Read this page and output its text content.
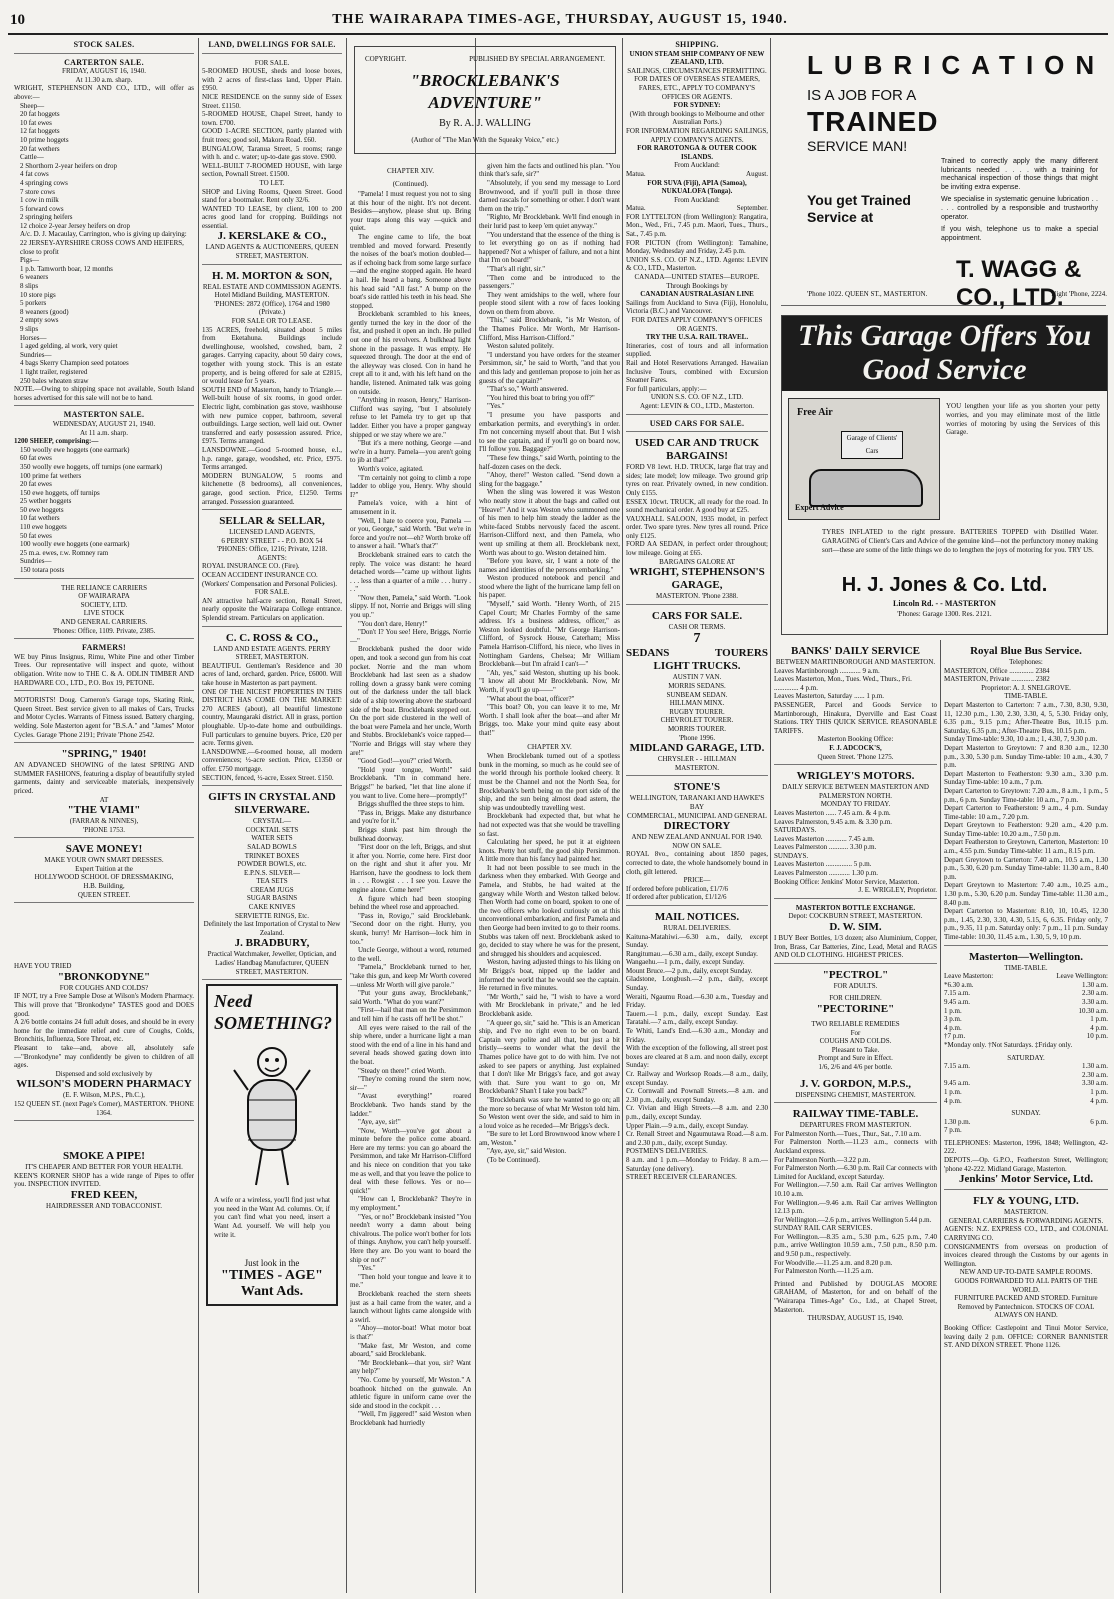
10	THE WAIRARAPA TIMES-AGE, THURSDAY, AUGUST 15, 1940.
STOCK SALES.
CARTERTON SALE.
FRIDAY, AUGUST 16, 1940.
At 11.30 a.m. sharp.

WRIGHT, STEPHENSON AND CO., LTD., will offer as above:—

Sheep—
20 fat hoggets
10 fat ewes
12 fat hoggets
10 prime hoggets
20 fat wethers
Cattle—
2 Shorthorn 2-year heifers on drop
4 fat cows
4 springing cows
7 store cows
1 cow in milk
5 forward cows
2 springing heifers
12 choice 2-year Jersey heifers on drop
A/c. D. J. Macaulay, Carrington, who is giving up dairying:
22 JERSEY-AYRSHIRE CROSS COWS AND HEIFERS, close to profit
Pigs—
1 p.b. Tamworth boar, 12 months
6 weaners
8 slips
10 store pigs
5 porkers
8 weaners (good)
2 empty sows
9 slips
Horses—
1 aged gelding, al work, very quiet
Sundries—
4 bags Skerry Champion seed potatoes
1 light trailer, registered
250 bales wheaten straw

NOTE.—Owing to shipping space not available, South Island horses advertised for this sale will not be to hand.

MASTERTON SALE.
WEDNESDAY, AUGUST 21, 1940.
At 11 a.m. sharp.

1200 SHEEP, comprising:—

150 woolly ewe hoggets (one earmark)
60 fat ewes
350 woolly ewe hoggets, off turnips (one earmark)
100 prime fat wethers
20 fat ewes
150 ewe hoggets, off turnips
25 wether hoggets
50 ewe hoggets
10 fat wethers
110 ewe hoggets
50 fat ewes
100 woolly ewe hoggets (one earmark)
25 m.a. ewes, r.w. Romney ram
Sundries—
150 totara posts
THE RELIANCE CARRIERS
OF WAIRARAPA
SOCIETY, LTD.
LIVE STOCK
AND GENERAL CARRIERS.
'Phones: Office, 1109. Private, 2385.
FARMERS!

WE buy Pinus Insignus, Rimu, White Pine and other Timber Trees. Our representative will inspect and quote, without obligation. Write now to THE C. & A. ODLIN TIMBER AND HARDWARE CO., LTD., P.O. Box 19, PETONE.

MOTORISTS! Doug. Cameron's Garage tops, Skating Rink, Queen Street. Best service given to all makes of Cars, Trucks and Motor Cycles. Warrants of Fitness issued. Battery charging, welding. Sole Masterton agent for "B.S.A." and "James" Motor Cycles. Garage 'Phone 2191; Private 'Phone 2542.

"SPRING," 1940!

AN ADVANCED SHOWING of the latest SPRING AND SUMMER FASHIONS, featuring a display of beautifully styled garments, dainty and serviceable materials, inexpensively priced.

AT
"THE VIAMI"
(FARRAR & NINNES),
'PHONE 1753.
SAVE MONEY!
MAKE YOUR OWN SMART DRESSES.
Expert Tuition at the
HOLLYWOOD SCHOOL OF DRESSMAKING,
H.B. Building,
QUEEN STREET.
HAVE YOU TRIED
"BRONKODYNE"
FOR COUGHS AND COLDS?

IF NOT, try a Free Sample Dose at Wilson's Modern Pharmacy. This will prove that "Bronkodyne" TASTES good and DOES good.

A 2/6 bottle contains 24 full adult doses, and should be in every home for the immediate relief and cure of Coughs, Colds, Bronchitis, Influenza, Sore Throat, etc.

Pleasant to take—and, above all, absolutely safe—"Bronkodyne" may confidently be given to children of all ages.

Dispensed and sold exclusively by
WILSON'S MODERN PHARMACY
(E. F. Wilson, M.P.S., Ph.C.),
152 QUEEN ST. (next Page's Corner), MASTERTON. 'PHONE 1364.
SMOKE A PIPE!
IT'S CHEAPER AND BETTER FOR YOUR HEALTH.

KEEN'S KORNER SHOP has a wide range of Pipes to offer you. INSPECTION INVITED.

FRED KEEN,
HAIRDRESSER AND TOBACCONIST.
LAND, DWELLINGS FOR SALE.
FOR SALE.
5-ROOMED HOUSE, sheds and loose boxes, with 2 acres of first-class land, Upper Plain. £950.
NICE RESIDENCE on the sunny side of Essex Street. £1150.
5-ROOMED HOUSE, Chapel Street, handy to town. £700.
GOOD 1-ACRE SECTION, partly planted with fruit trees; good soil, Makora Road. £60.
BUNGALOW, Taranua Street, 5 rooms; range with h. and c. water; up-to-date gas stove. £900.
WELL-BUILT 7-ROOMED HOUSE, with large section, Pownall Street. £1500.
TO LET.
SHOP and Living Rooms, Queen Street. Good stand for a bootmaker. Rent only 32/6.
WANTED TO LEASE, by client, 100 to 200 acres good land for cropping. Buildings not essential.
J. KERSLAKE & CO.,
LAND AGENTS & AUCTIONEERS, QUEEN STREET, MASTERTON.
H. M. MORTON & SON,
REAL ESTATE AND COMMISSION AGENTS.
Hotel Midland Building, MASTERTON.
'PHONES: 2872 (Office), 1764 and 1980 (Private.)
FOR SALE OR TO LEASE.
135 ACRES, freehold, situated about 5 miles from Eketahuna. Buildings include dwellinghouse, woolshed, cowshed, barn, 2 garages. Carrying capacity, about 50 dairy cows, together with young stock. This is an estate property, and is being offered for sale at £2815, or would lease for 5 years.
SOUTH END of Masterton, handy to Triangle.—Well-built house of six rooms, in good order. Electric light, combination gas stove, washhouse with new pumice copper, bathroom, several outbuildings. Large section, well laid out. Owner transferred and early possession assured. Price, £975. Terms arranged.
LANSDOWNE.—Good 5-roomed house, e.l., h.p. range, garage, woodshed, etc. Price, £975. Terms arranged.
MODERN BUNGALOW, 5 rooms and kitchenette (8 bedrooms), all conveniences, garage, good section. Price, £1250. Terms arranged. Possession guaranteed.
SELLAR & SELLAR,
LICENSED LAND AGENTS,
6 PERRY STREET - - P.O. BOX 54
'PHONES: Office, 1216; Private, 1218.
AGENTS:
ROYAL INSURANCE CO. (Fire).
OCEAN ACCIDENT INSURANCE CO. (Workers' Compensation and Personal Policies).
FOR SALE.

AN attractive half-acre section, Renall Street, nearly opposite the Wairarapa College entrance. Splendid stream. Particulars on application.

C. C. ROSS & CO.,
LAND AND ESTATE AGENTS. PERRY STREET, MASTERTON.
BEAUTIFUL Gentleman's Residence and 30 acres of land, orchard, garden. Price, £6000. Will take house in Masterton as part payment.
ONE OF THE NICEST PROPERTIES IN THIS DISTRICT HAS COME ON THE MARKET: 270 ACRES (about), all beautiful limestone country, Maungaraki district. All in grass, portion ploughable. Up-to-date home and outbuildings. Full particulars to genuine buyers. Price, £20 per acre. Terms given.
LANSDOWNE.—6-roomed house, all modern conveniences; ½-acre section. Price, £1350 or offer. £750 mortgage.
SECTION, fenced, ½-acre, Essex Street. £150.
GIFTS IN CRYSTAL AND SILVERWARE.
CRYSTAL—
COCKTAIL SETS
WATER SETS
SALAD BOWLS
TRINKET BOXES
POWDER BOWLS, etc.
E.P.N.S. SILVER—
TEA SETS
CREAM JUGS
SUGAR BASINS
CAKE KNIVES
SERVIETTE RINGS, Etc.
Definitely the last Importation of Crystal to New Zealand.
J. BRADBURY,
Practical Watchmaker, Jeweller, Optician, and Ladies' Handbag Manufacturer, QUEEN STREET, MASTERTON.
Need
SOMETHING?

A wife or a wireless, you'll find just what you need in the Want Ad. columns. Or, if you can't find what you need, insert a Want Ad. yourself. We will help you write it.

Just look in the
"TIMES - AGE"
Want Ads.
COPYRIGHT.	PUBLISHED BY SPECIAL ARRANGEMENT.
"BROCKLEBANK'S ADVENTURE"
By R. A. J. WALLING
(Author of "The Man With the Squeaky Voice," etc.)
CHAPTER XIV.
(Continued).

"Pamela! I must request you not to sing at this hour of the night. It's not decent. Besides—anyhow, please shut up. Bring your traps along this way —quick and quiet.

The engine came to life, the boat trembled and moved forward. Presently the noises of the boat's motion doubled—as if echoing back from some large surface—and the engine stopped again. He heard a hail. He heard a bang. Someone above his head said "All fast." A bump on the boat's side rattled his teeth in his head. She stopped.

Brocklebank scrambled to his knees, gently turned the key in the door of the fist, and pushed it open an inch. He pulled out one of his revolvers. A bulkhead light shone in the passage. It was empty. He squeezed through. The door at the end of the alleyway was closed. Con in hand he crept all to it and, with his left hand on the handle, listened. Animated talk was going on outside.

"Anything in reason, Henry," Harrison-Clifford was saying, "but I absolutely refuse to let Pamela try to get up that ladder. Either you have a proper gangway shipped or we stay where we are."

"But it's a mere nothing, George —and we're in a hurry. Pamela—you aren't going to jib at that?"

Worth's voice, agitated.

"I'm certainly not going to climb a rope ladder to oblige you, Henry. Why should I?"

Pamela's voice, with a hint of amusement in it.

"Well, I hate to coerce you, Pamela —or you, George," said Worth. "But we're in force and you're not—eh? Worth broke off to answer a hail. "What's that?"

Brocklebank strained ears to catch the reply. The voice was distant: he heard detached words—"came up without lights . . . less than a quarter of a mile . . . hurry . . ."

"Now then, Pamela," said Worth. "Look slippy. If not, Norrie and Briggs will sling you up."

"You don't dare, Henry!"

"Don't I? You see! Here, Briggs, Norrie—"

Brocklebank pushed the door wide open, and took a second gun from his coat pocket. Norrie and the man whom Brocklebank had last seen as a shadow rolling down a grassy bank were coming out of the darkness under the tall black side of a ship towering above the starboard side of the boat. Brocklebank stepped out. On the port side clustered in the well of the boat were Pamela and her uncle, Worth and Stubbs. Brocklebank's voice rapped— "Norrie and Briggs will stay where they are!"

"Good God!—you?" cried Worth.

"Hold your tongue, Worth!" said Brocklebank. "I'm in command here. Briggs!" he barked, "let that line alone if you want to live. Come here—promptly!"

Briggs shuffled the three steps to him.

"Pass in, Briggs. Make any disturbance and you're for it."

Briggs slunk past him through the bulkhead doorway.

"First door on the left, Briggs, and shut it after you. Norrie, come here. First door on the right and shut it after you. Mr Harrison, have the goodness to lock them in . . . Rowgist . . . I see you. Leave the engine alone. Come here!"

A figure which had been stooping behind the wheel rose and approached.

"Pass in, Rovigo," said Brocklebank. "Second door on the right. Hurry, you skunk, hurry! Mr Harrison—lock him in too."

Uncle George, without a word, returned to the well.

"Pamela," Brocklebank turned to her, "take this gun, and keep Mr Worth covered—unless Mr Worth will give parole."

"Put your guns away, Brocklebank," said Worth. "What do you want?"

"First—hail that man on the Persimmon and tell him if he casts off he'll be shot."

All eyes were raised to the rail of the ship where, under a hurricane light a man stood with the end of a line in his hand and several heads showed gazing down into the boat.

"Steady on there!" cried Worth.

"They're coming round the stern now, sir—"

"Avast everything!" roared Brocklebank. Two hands stand by the ladder."

"Aye, aye, sir!"

"Now, Worth—you've got about a minute before the police come aboard. Here are my terms: you can go aboard the Persimmon, and take Mr Harrison-Clifford and his niece on condition that you take me as well, and that you leave the police to deal with these fellows. Yes or no—quick!"

"How can I, Brocklebank? They're in my employment."

"Yes, or no!" Brocklebank insisted "You needn't worry a damn about being chivalrous. The police won't bother for lots of things. Anyhow, you can't help yourself. Here they are. Do you want to board the ship or not?"

"Yes."

"Then hold your tongue and leave it to me."

Brocklebank reached the stern sheets just as a hail came from the water, and a launch without lights came alongside with a swirl.

"Ahoy—motor-boat! What motor boat is that?"

"Make fast, Mr Weston, and come aboard," said Brocklebank.

"Mr Brocklebank—that you, sir? Want any help?"

"No. Come by yourself, Mr Weston." A boathook hitched on the gunwale. An athletic figure in uniform came over the side and stood in the cockpit . . .

"Well, I'm jiggered!" said Weston when Brocklebank had hurriedly

given him the facts and outlined his plan. "You think that's safe, sir?"

"Absolutely, if you send my message to Lord Brownwood, and if you'll pull in those three darned rascals for something or other. I don't want them on the trip."

"Righto, Mr Brocklebank. We'll find enough in their lurid past to keep 'em quiet anyway."

"You understand that the essence of the thing is to let everything go on as if nothing had happened? Not a whisper of failure, and not a hint that I'm on board!"

"That's all right, sir."

"Then come and be introduced to the passengers."

They went amidships to the well, where four people stood silent with a row of faces looking down on them from above.

"This," said Brocklebank, "is Mr Weston, of the Thames Police. Mr Worth, Mr Harrison-Clifford, Miss Harrison-Clifford."

Weston saluted politely.

"I understand you have orders for the steamer Persimmon, sir," he said to Worth, "and that you and this lady and gentleman propose to join her as guests of the captain?"

"That's so," Worth answered.

"You hired this boat to bring you off?"

"Yes."

"I presume you have passports and embarkation permits, and everything's in order. I'm not concerning myself about that. But I wish to see the captain, and if you'll go on board now, I'll follow you. Baggage?"

"These few things," said Worth, pointing to the half-dozen cases on the deck.

"Ahoy, there!" Weston called. "Send down a sling for the baggage."

When the sling was lowered it was Weston who neatly stow it about the bags and called out "Heave!" And it was Weston who summoned one of his men to help him steady the ladder as the white-faced Stubbs nervously faced the ascent. Harrison-Clifford next, and then Pamela, who went up smiling at them all. Brocklebank next, Worth was about to go. Weston detained him.

"Before you leave, sir, I want a note of the names and identities of the persons embarking."

Weston produced notebook and pencil and stood where the light of the hurricane lamp fell on his paper.

"Myself," said Worth. "Henry Worth, of 215 Capel Court; Mr Charles Formby of the same address. It's a business address, officer," as Weston looked doubtful. "Mr George Harrison-Clifford, of Sysrock House, Caterham; Miss Pamela Harrison-Clifford, his niece, who lives in Nottingham Gardens, Chelsea; Mr William Brocklebank—but I'm afraid I can't—"

"Ah, yes," said Weston, shutting up his book. "I know all about Mr Brocklebank. Now, Mr Worth, if you'll go up——"

"What about the boat, officer?"

"This boat? Oh, you can leave it to me, Mr Worth. I shall look after the boat—and after Mr Briggs, too. Make your mind quite easy about that!"

CHAPTER XV.

When Brocklebank turned out of a spotless bunk in the morning, so much as he could see of the world through his porthole looked cheery. It must be the Channel and not the North Sea, for Brocklebank's berth being on the port side of the ship, and the sun being almost dead astern, the ship was undoubtedly travelling west.

Brocklebank had expected that, but what he had not expected was that she would be travelling so fast.

Calculating her speed, he put it at eighteen knots. Pretty hot stuff, the good ship Persimmon. A little more than his fancy had painted her.

It had not been possible to see much in the darkness when they embarked. With George and Pamela, and Stubbs, he had waited at the gangway while Worth and Weston talked below. Then Worth had come on board, spoken to one of the two officers who looked curiously on at this unconventional embarkation, and first Pamela and then George had been invited to go to their rooms. Stubbs was taken off next. Brocklebank asked to go, decided to stay where he was for the present, and shrugged his shoulders and acquiesced.

Weston, having adjusted things to his liking on Mr Briggs's boat, nipped up the ladder and informed the world that he would see the captain. He returned in five minutes.

"Mr Worth," said he, "I wish to have a word with Mr Brocklebank in private," and he led Brocklebank aside.

"A queer go, sir," said he. "This is an American ship, and I've no right even to be on board. Captain very polite and all that, but just a bit bristly—seems to wonder what the devil the Thames police have got to do with him. I've not asked to see papers or anything. Just explained that I don't like Mr Briggs's face, and got away with that. Sure you want to go on, Mr Brocklebank? Shan't I take you back?"

"Brocklebank was sure he wanted to go on; all the more so because of what Mr Weston told him. So Weston went over the side, and said to him in a loud voice as he receded—Mr Briggs's deck.

"Be sure to let Lord Brownwood know where I am, Weston."

"Aye, aye, sir," said Weston.

(To be Continued).

SHIPPING.
UNION STEAM SHIP COMPANY OF NEW ZEALAND, LTD.
SAILINGS, CIRCUMSTANCES PERMITTING. FOR DATES OF OVERSEAS STEAMERS, FARES, ETC., APPLY TO COMPANY'S OFFICES OR AGENTS.
FOR SYDNEY:
(With through bookings to Melbourne and other Australian Ports.)
FOR INFORMATION REGARDING SAILINGS, APPLY COMPANY'S AGENTS.
FOR RAROTONGA & OUTER COOK ISLANDS.
From Auckland:
Matua.	August.
FOR SUVA (Fiji), APIA (Samoa), NUKUALOFA (Tonga).
From Auckland:
Matua.	September.

FOR LYTTELTON (from Wellington): Rangatira, Mon., Wed., Fri., 7.45 p.m. Maori, Tues., Thurs., Sat., 7.45 p.m.

FOR PICTON (from Wellington): Tamahine, Monday, Wednesday and Friday, 2.45 p.m.

UNION S.S. CO. OF N.Z., LTD. Agents: LEVIN & CO., LTD., Masterton.

CANADA—UNITED STATES—EUROPE.
Through Bookings by
CANADIAN AUSTRALASIAN LINE

Sailings from Auckland to Suva (Fiji), Honolulu, Victoria (B.C.) and Vancouver.

FOR DATES APPLY COMPANY'S OFFICES OR AGENTS.
TRY THE U.S.A. RAIL TRAVEL.

Itineraries, cost of tours and all information supplied.

Rail and Hotel Reservations Arranged. Hawaiian Inclusive Tours, combined with Excursion Steamer Fares.

For full particulars, apply:—
UNION S.S. CO. OF N.Z., LTD.
Agent: LEVIN & CO., LTD., Masterton.
USED CARS FOR SALE.
USED CAR AND TRUCK BARGAINS!
FORD V8 1ewt. H.D. TRUCK, large flat tray and sides; late model; low mileage. Two ground grip tyres on rear. Privately owned, in new condition. Only £155.
ESSEX 10cwt. TRUCK, all ready for the road. In sound mechanical order. A good buy at £25.
VAUXHALL SALOON, 1935 model, in perfect order. Two spare tyres. New tyres all round. Price only £125.
FORD AA SEDAN, in perfect order throughout; low mileage. Going at £65.
BARGAINS GALORE AT
WRIGHT, STEPHENSON'S GARAGE,
MASTERTON. 'Phone 2388.
CARS FOR SALE.
CASH OR TERMS.
7
SEDANS	TOURERS
LIGHT TRUCKS.
AUSTIN 7 VAN.
MORRIS SEDANS.
SUNBEAM SEDAN.
HILLMAN MINX.
RUGBY TOURER.
CHEVROLET TOURER.
MORRIS TOURER.
'Phone 1996.
MIDLAND GARAGE, LTD.
CHRYSLER - - HILLMAN
MASTERTON.
STONE'S
WELLINGTON, TARANAKI AND HAWKE'S BAY
COMMERCIAL, MUNICIPAL AND GENERAL
DIRECTORY
AND NEW ZEALAND ANNUAL FOR 1940.
NOW ON SALE.

ROYAL 8vo., containing about 1850 pages, corrected to date, the whole handsomely bound in cloth, gilt lettered.

PRICE—
If ordered before publication, £1/7/6
If ordered after publication, £1/12/6
MAIL NOTICES.
RURAL DELIVERIES.
Kaituna-Matahiwi.—6.30 a.m., daily, except Sunday.
Rangitumau.—6.30 a.m., daily, except Sunday.
Wangaehu.—1 p.m., daily, except Sunday.
Mount Bruce.—2 p.m., daily, except Sunday.
Gladstone, Longbush.—2 p.m., daily, except Sunday.
Weraiti, Ngaumu Road.—6.30 a.m., Tuesday and Friday.
Tauern.—1 p.m., daily, except Sunday. East Taratahi.—7 a.m., daily, except Sunday.
Te Whiti, Land's End.—6.30 a.m., Monday and Friday.
With the exception of the following, all street post boxes are cleared at 8 a.m. and noon daily, except Sunday:
Cr. Railway and Worksop Roads.—8 a.m., daily, except Sunday.
Cr. Cornwall and Pownall Streets.—8 a.m. and 2.30 p.m., daily, except Sunday.
Cr. Vivian and High Streets.—8 a.m. and 2.30 p.m., daily, except Sunday.
Upper Plain.—9 a.m., daily, except Sunday.
Cr. Renall Street and Ngaumutawa Road.—8 a.m. and 2.30 p.m., daily, except Sunday.
POSTMEN'S DELIVERIES.
8 a.m. and 1 p.m.—Monday to Friday. 8 a.m.—Saturday (one delivery).
STREET RECEIVER CLEARANCES.
LUBRICATION
IS A JOB FOR A
TRAINED
SERVICE MAN!

Trained to correctly apply the many different lubricants needed . . . . with a training for mechanical inspection of those things that might be inviting extra expense.

We specialise in systematic genuine lubrication . . . . . controlled by a responsible and trustworthy operator.

If you wish, telephone us to make a special appointment.

You get Trained Service at
T. WAGG & CO., LTD.
'Phone 1022. QUEEN ST., MASTERTON.	Night 'Phone, 2224.
This Garage Offers You Good Service
Free Air
Garage of Clients' Cars
Expert Advice
YOU lengthen your life as you shorten your petty worries, and you may eliminate most of the little worries of motoring by using the Services of this Garage.
TYRES INFLATED to the right pressure. BATTERIES TOPPED with Distilled Water. GARAGING of Client's Cars and Advice of the genuine kind—not the perfunctory money making sort—these are some of the little things we do to lengthen the joys of motoring for you. TRY US.
H. J. Jones & Co. Ltd.
Lincoln Rd. - - MASTERTON
'Phones: Garage 1300. Res. 2121.
BANKS' DAILY SERVICE
BETWEEN MARTINBOROUGH AND MASTERTON.
Leaves Martinborough ............ 9 a.m.
Leaves Masterton, Mon., Tues. Wed., Thurs., Fri. .............. 4 p.m.
Leaves Masterton, Saturday ...... 1 p.m.

PASSENGER, Parcel and Goods Service to Martinborough, Hinakura, Dyerville and East Coast Stations. TRY THIS QUICK SERVICE. REASONABLE TARIFFS.

Masterton Booking Office:
F. J. ADCOCK'S,
Queen Street. 'Phone 1275.
WRIGLEY'S MOTORS.
DAILY SERVICE BETWEEN MASTERTON AND PALMERSTON NORTH.
MONDAY TO FRIDAY.
Leaves Masterton ...... 7.45 a.m. & 4 p.m.
Leaves Palmerston, 9.45 a.m. & 3.30 p.m.
SATURDAYS.
Leaves Masterton ............ 7.45 a.m.
Leaves Palmerston ........... 3.30 p.m.
SUNDAYS.
Leaves Masterton ............... 5 p.m.
Leaves Palmerston ............ 1.30 p.m.
Booking Office: Jenkins' Motor Service, Masterton.
J. E. WRIGLEY, Proprietor.
MASTERTON BOTTLE EXCHANGE.
Depot: COCKBURN STREET, MASTERTON.
D. W. SIM.

I BUY Beer Bottles, 1/3 dozen; also Aluminium, Copper, Iron, Brass, Car Batteries, Zinc, Lead, Metal and RAGS AND OLD CLOTHING. HIGHEST PRICES.

"PECTROL"
FOR ADULTS.
FOR CHILDREN.
"PECTORINE"
TWO RELIABLE REMEDIES
For
COUGHS AND COLDS.
Pleasant to Take.
Prompt and Sure in Effect.
1/6, 2/6 and 4/6 per bottle.
J. V. GORDON, M.P.S.,
DISPENSING CHEMIST, MASTERTON.
RAILWAY TIME-TABLE.
DEPARTURES FROM MASTERTON.
For Palmerston North.—Tues., Thur., Sat., 7.10 a.m.
For Palmerston North.—11.23 a.m., connects with Auckland express.
For Palmerston North.—3.22 p.m.
For Palmerston North.—6.30 p.m. Rail Car connects with Limited for Auckland, except Saturday.
For Wellington.—7.50 a.m. Rail Car arrives Wellington 10.10 a.m.
For Wellington.—9.46 a.m. Rail Car arrives Wellington 12.13 p.m.
For Wellington.—2.6 p.m., arrives Wellington 5.44 p.m.
SUNDAY RAIL CAR SERVICES.
For Wellington.—8.35 a.m., 5.30 p.m., 6.25 p.m., 7.40 p.m., arrive Wellington 10.59 a.m., 7.50 p.m., 8.50 p.m. and 9.50 p.m., respectively.
For Woodville.—11.25 a.m. and 8.20 p.m.
For Palmerston North.—11.25 a.m.

Printed and Published by DOUGLAS MOORE GRAHAM, of Masterton, for and on behalf of the "Wairarapa Times-Age" Co., Ltd., at Chapel Street, Masterton.

THURSDAY, AUGUST 15, 1940.
Royal Blue Bus Service.
Telephones:
MASTERTON, Office .............. 2384
MASTERTON, Private ............. 2382
Proprietor: A. J. SNELGROVE.
TIME-TABLE.
Depart Masterton to Carterton: 7 a.m., 7.30, 8.30, 9.30, 11, 12.30 p.m., 1.30, 2.30, 3.30, 4, 5, 5.30. Friday only, 6.35 p.m., 9.15 p.m.; After-Theatre Bus, 10.15 p.m. Saturday, 6.35 p.m.; After-Theatre Bus, 10.15 p.m.
Sunday Time-table: 9.30, 10 a.m.; 1, 4.30, 7, 9.30 p.m.
Depart Masterton to Greytown: 7 and 8.30 a.m., 12.30 p.m., 3.30, 5.30 p.m. Sunday Time-table: 10 a.m., 4.30, 7 p.m.
Depart Masterton to Featherston: 9.30 a.m., 3.30 p.m. Sunday Time-table: 10 a.m., 7 p.m.
Depart Carterton to Greytown: 7.20 a.m., 8 a.m., 1 p.m., 5 p.m., 6 p.m. Sunday Time-table: 10 a.m., 7 p.m.
Depart Carterton to Featherston: 9 a.m., 4 p.m. Sunday Time-table: 10 a.m., 7.20 p.m.
Depart Greytown to Featherston: 9.20 a.m., 4.20 p.m. Sunday Time-table: 10.20 a.m., 7.50 p.m.
Depart Featherston to Greytown, Carterton, Masterton: 10 a.m., 4.55 p.m. Sunday Time-table: 11 a.m., 8.15 p.m.
Depart Greytown to Carterton: 7.40 a.m., 10.5 a.m., 1.30 p.m., 5.30, 6.20 p.m. Sunday Time-table: 11.30 a.m., 8.40 p.m.
Depart Greytown to Masterton: 7.40 a.m., 10.25 a.m., 1.30 p.m., 5.30, 6.20 p.m. Sunday Time-table: 11.30 a.m., 8.40 p.m.
Depart Carterton to Masterton: 8.10, 10, 10.45, 12.30 p.m., 1.45, 2.30, 3.30, 4.30, 5.15, 6, 6.35. Friday only, 7 p.m., 9.35, 11 p.m. Saturday only: 7 p.m., 11 p.m. Sunday Time-table: 10.30, 11.45 a.m., 1.30, 5, 9, 10 p.m.
Masterton—Wellington.
TIME-TABLE.
Leave Masterton:	Leave Wellington:
*6.30 a.m.	1.30 a.m.
7.15 a.m.	2.30 a.m.
9.45 a.m.	3.30 a.m.
1 p.m.	10.30 a.m.
3 p.m.	1 p.m.
4 p.m.	4 p.m.
†7 p.m.	10 p.m.
*Monday only. †Not Saturdays. ‡Friday only.
SATURDAY.
7.15 a.m.	1.30 a.m.
2.30 a.m.
9.45 a.m.	3.30 a.m.
1 p.m.	1 p.m.
4 p.m.	4 p.m.
SUNDAY.
1.30 p.m.	6 p.m.
7 p.m.

TELEPHONES: Masterton, 1996, 1848; Wellington, 42-222.

DEPOTS.—Op. G.P.O., Featherston Street, Wellington; 'phone 42-222. Midland Garage, Masterton.

Jenkins' Motor Service, Ltd.
FLY & YOUNG, LTD.
MASTERTON.
GENERAL CARRIERS & FORWARDING AGENTS.

AGENTS: N.Z. EXPRESS CO., LTD., and COLONIAL CARRYING CO.

CONSIGNMENTS from overseas on production of invoices cleared through the Customs by our agents in Wellington.

NEW AND UP-TO-DATE SAMPLE ROOMS.
GOODS FORWARDED TO ALL PARTS OF THE WORLD.
FURNITURE PACKED AND STORED. Furniture Removed by Pantechnicon. STOCKS OF COAL ALWAYS ON HAND.

Booking Office: Castlepoint and Tinui Motor Service, leaving daily 2 p.m. OFFICE: CORNER BANNISTER ST. AND DIXON STREET. 'Phone 1126.
